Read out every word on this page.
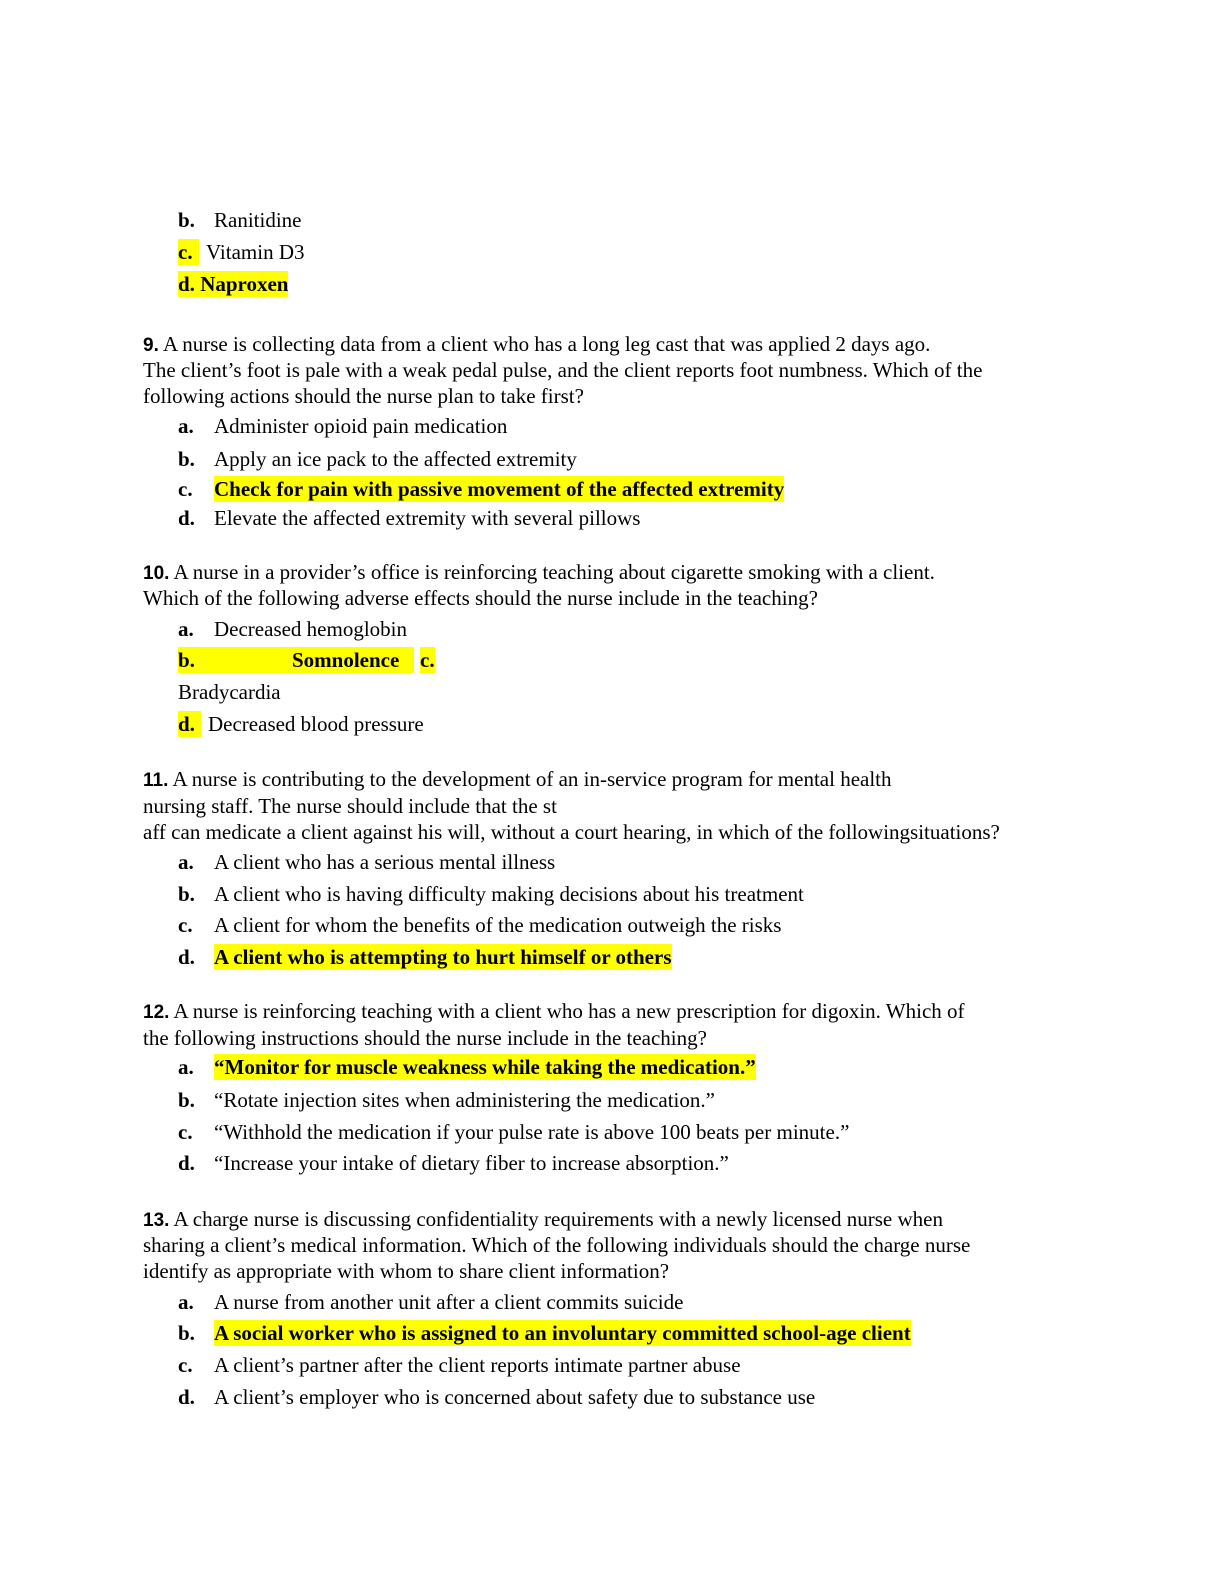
b. Ranitidine
c. Vitamin D3
d. Naproxen
9. A nurse is collecting data from a client who has a long leg cast that was applied 2 days ago.
The client’s foot is pale with a weak pedal pulse, and the client reports foot numbness. Which of the
following actions should the nurse plan to take first?
a. Administer opioid pain medication
b. Apply an ice pack to the affected extremity
c. Check for pain with passive movement of the affected extremity
d. Elevate the affected extremity with several pillows
10. A nurse in a provider’s office is reinforcing teaching about cigarette smoking with a client.
Which of the following adverse effects should the nurse include in the teaching?
a. Decreased hemoglobin
b.	Somnolence c.
Bradycardia
d. Decreased blood pressure
11. A nurse is contributing to the development of an in-service program for mental health
nursing staff. The nurse should include that the st
aff can medicate a client against his will, without a court hearing, in which of the followingsituations?
a. A client who has a serious mental illness
b. A client who is having difficulty making decisions about his treatment
c. A client for whom the benefits of the medication outweigh the risks
d. A client who is attempting to hurt himself or others
12. A nurse is reinforcing teaching with a client who has a new prescription for digoxin. Which of
the following instructions should the nurse include in the teaching?
a. “Monitor for muscle weakness while taking the medication.”
b. “Rotate injection sites when administering the medication.”
c. “Withhold the medication if your pulse rate is above 100 beats per minute.”
d. “Increase your intake of dietary fiber to increase absorption.”
13. A charge nurse is discussing confidentiality requirements with a newly licensed nurse when
sharing a client’s medical information. Which of the following individuals should the charge nurse
identify as appropriate with whom to share client information?
a. A nurse from another unit after a client commits suicide
b. A social worker who is assigned to an involuntary committed school-age client
c. A client’s partner after the client reports intimate partner abuse
d. A client’s employer who is concerned about safety due to substance use
